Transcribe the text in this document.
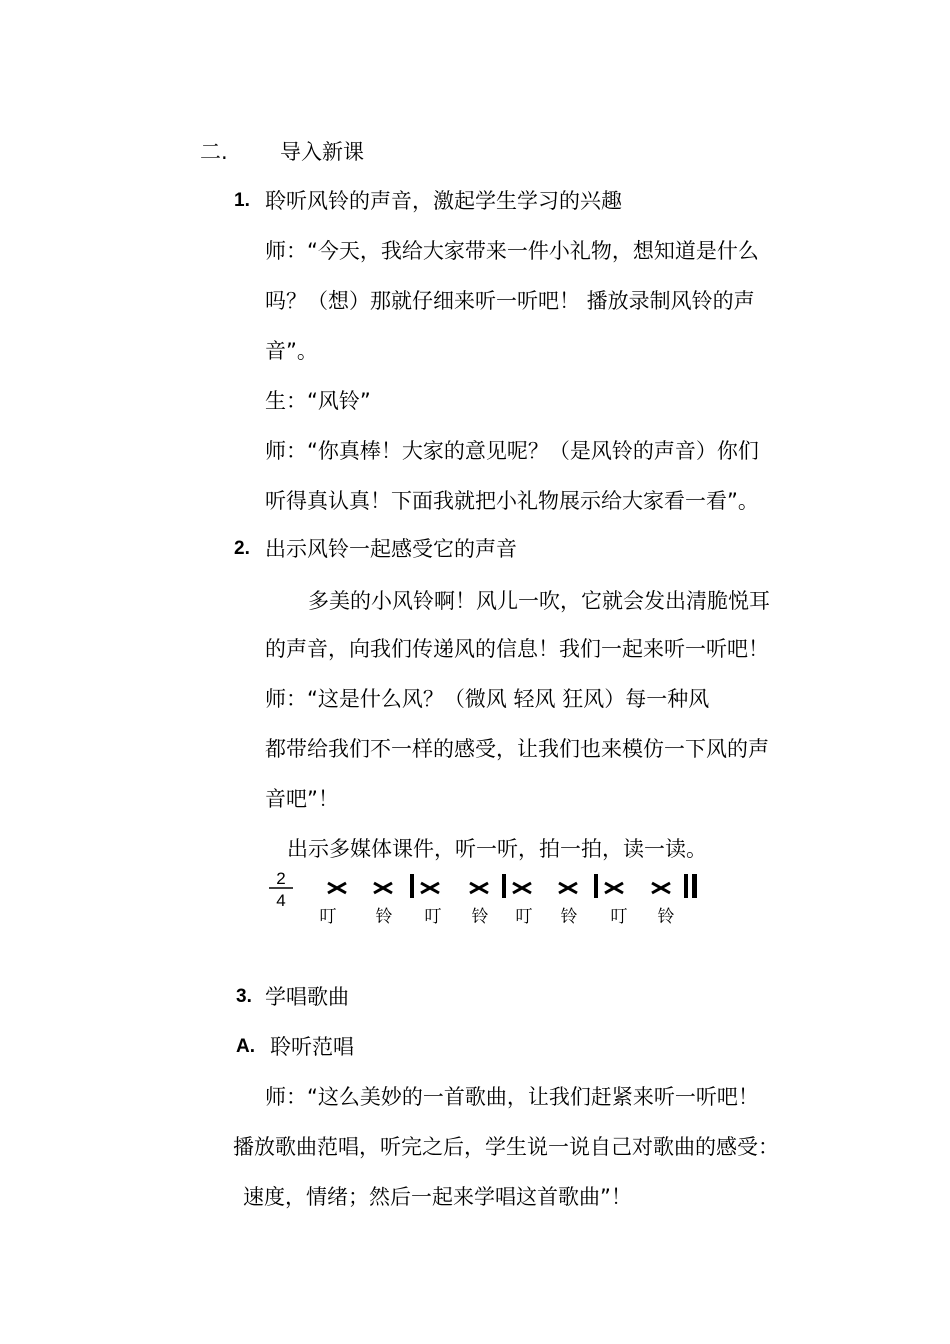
二. 导入新课
1. 聆听风铃的声音，激起学生学习的兴趣
师：“今天，我给大家带来一件小礼物，想知道是什么
吗？（想）那就仔细来听一听吧！ 播放录制风铃的声
音”。
生：“风铃”
师：“你真棒！大家的意见呢？（是风铃的声音）你们
听得真认真！下面我就把小礼物展示给大家看一看”。
2. 出示风铃一起感受它的声音
多美的小风铃啊！风儿一吹，它就会发出清脆悦耳
的声音，向我们传递风的信息！我们一起来听一听吧！
师：“这是什么风？（微风 轻风 狂风）每一种风
都带给我们不一样的感受，让我们也来模仿一下风的声
音吧”！
出示多媒体课件，听一听，拍一拍，读一读。
2
4
叮 铃 叮 铃 叮 铃 叮 铃
3. 学唱歌曲
A. 聆听范唱
师：“这么美妙的一首歌曲，让我们赶紧来听一听吧！
播放歌曲范唱，听完之后，学生说一说自己对歌曲的感受：
速度，情绪；然后一起来学唱这首歌曲”！
